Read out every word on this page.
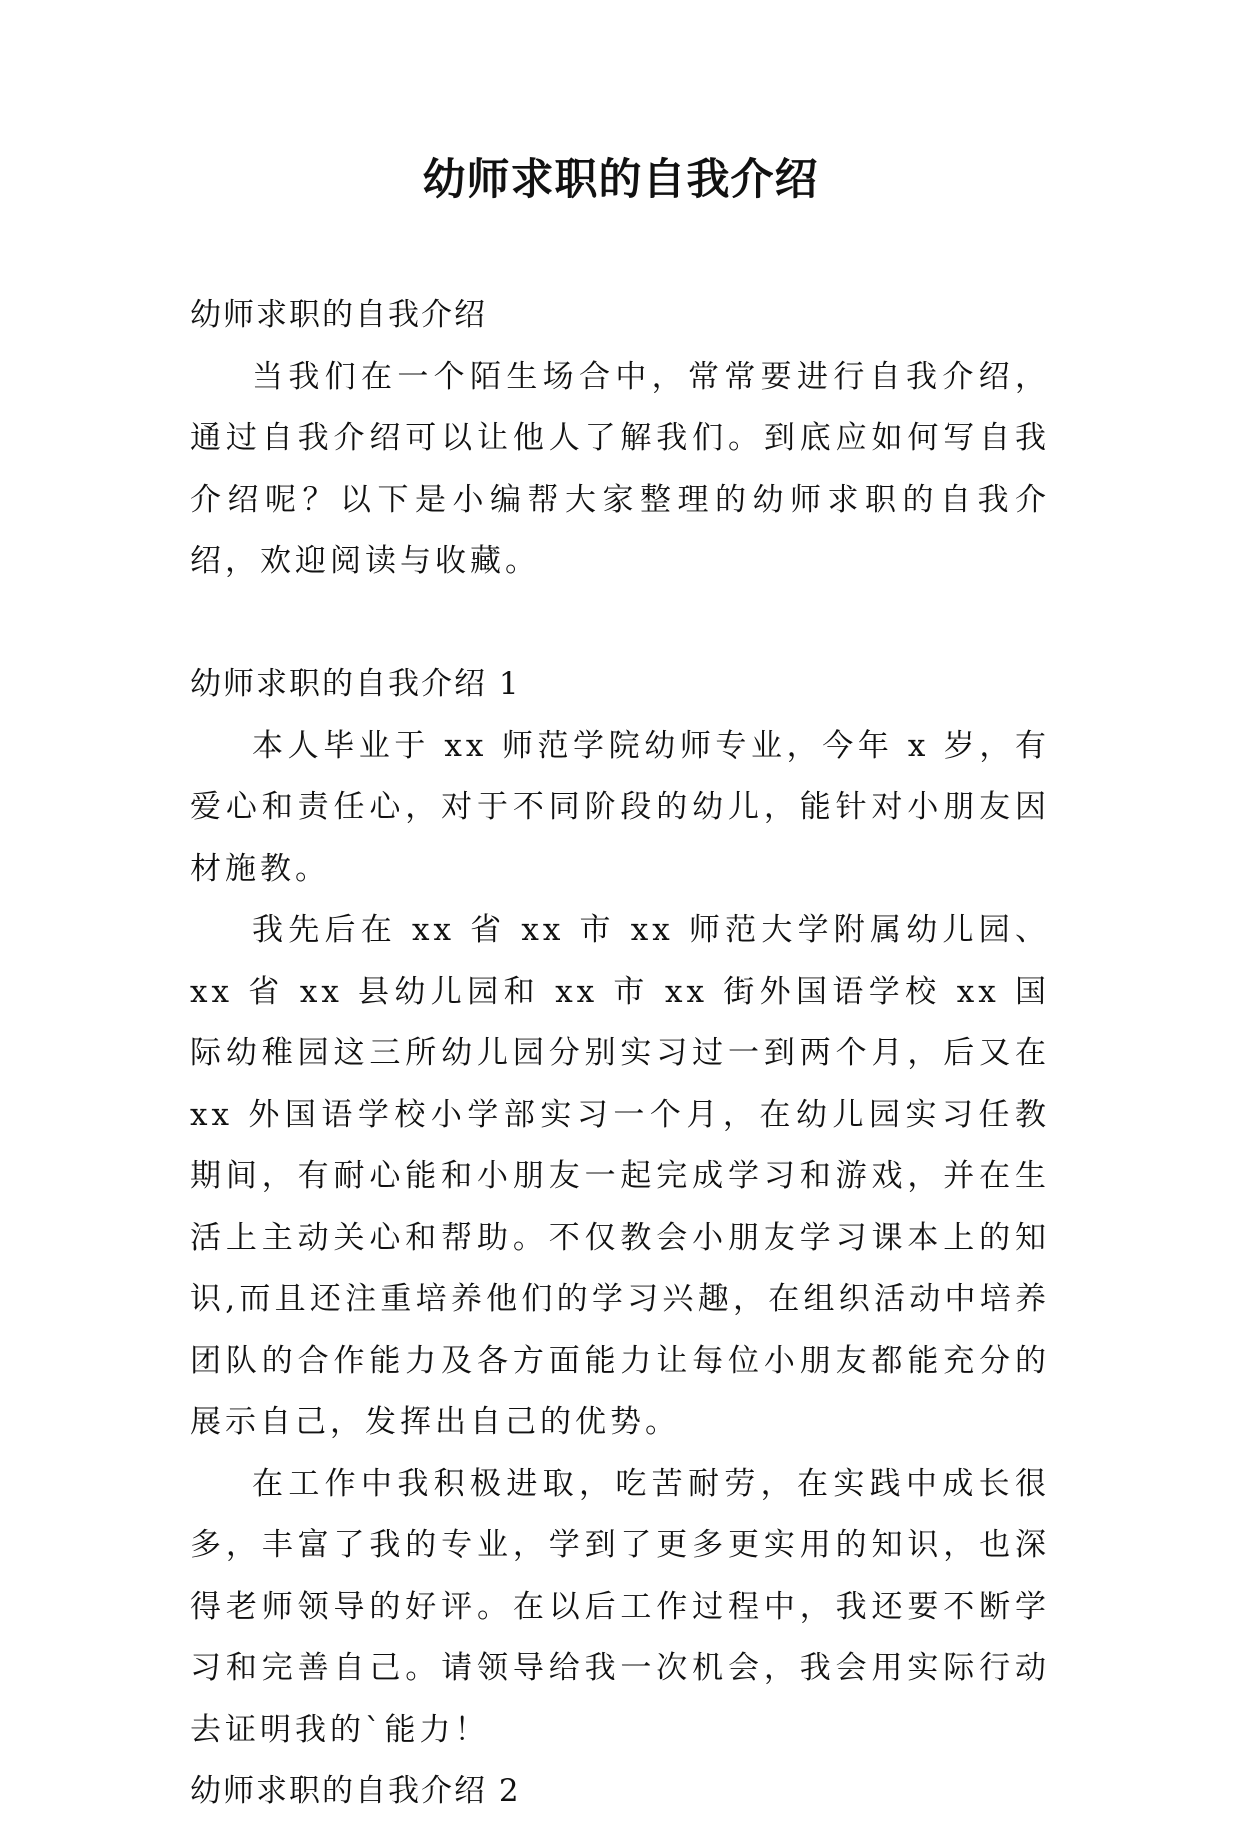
幼师求职的自我介绍

幼师求职的自我介绍

当我们在一个陌生场合中，常常要进行自我介绍，通过自我介绍可以让他人了解我们。到底应如何写自我介绍呢？以下是小编帮大家整理的幼师求职的自我介绍，欢迎阅读与收藏。

幼师求职的自我介绍 1

本人毕业于 xx 师范学院幼师专业，今年 x 岁，有爱心和责任心，对于不同阶段的幼儿，能针对小朋友因材施教。

我先后在 xx 省 xx 市 xx 师范大学附属幼儿园、xx 省 xx 县幼儿园和 xx 市 xx 街外国语学校 xx 国际幼稚园这三所幼儿园分别实习过一到两个月，后又在 xx 外国语学校小学部实习一个月，在幼儿园实习任教期间，有耐心能和小朋友一起完成学习和游戏，并在生活上主动关心和帮助。不仅教会小朋友学习课本上的知识,而且还注重培养他们的学习兴趣，在组织活动中培养团队的合作能力及各方面能力让每位小朋友都能充分的展示自己，发挥出自己的优势。

在工作中我积极进取，吃苦耐劳，在实践中成长很多，丰富了我的专业，学到了更多更实用的知识，也深得老师领导的好评。在以后工作过程中，我还要不断学习和完善自己。请领导给我一次机会，我会用实际行动去证明我的`能力！

幼师求职的自我介绍 2
